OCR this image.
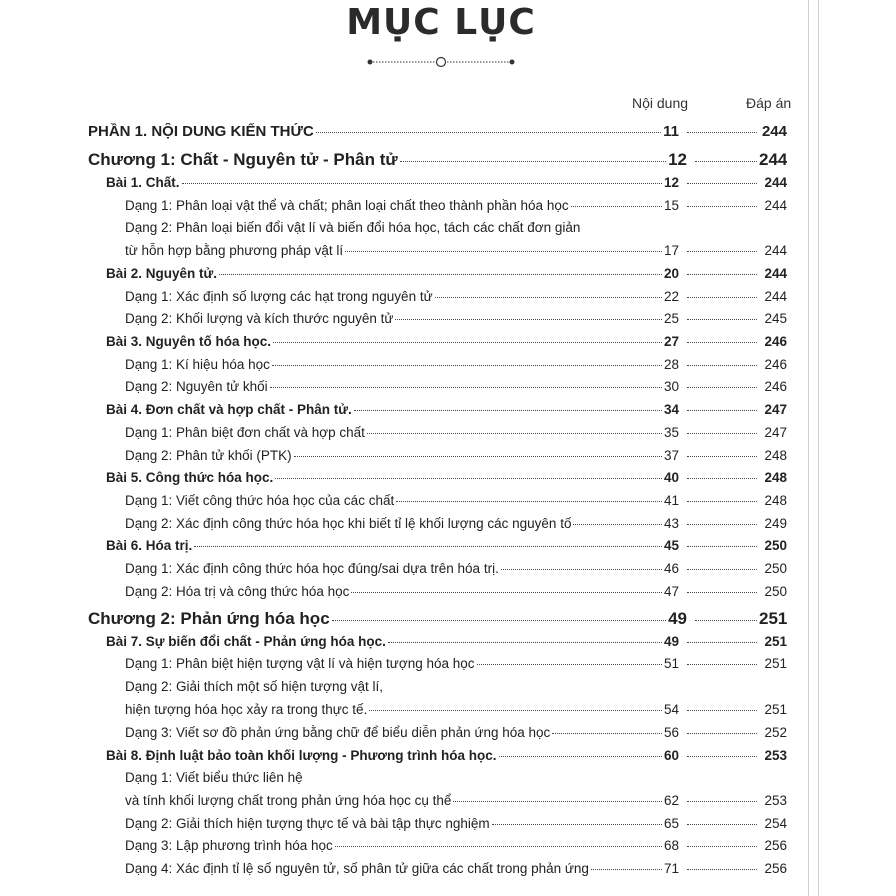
MỤC LỤC
Nội dung	Đáp án
PHẦN 1. NỘI DUNG KIẾN THỨC	11	244
Chương 1: Chất - Nguyên tử - Phân tử	12	244
Bài 1. Chất.	12	244
Dạng 1: Phân loại vật thể và chất; phân loại chất theo thành phần hóa học	15	244
Dạng 2: Phân loại biến đổi vật lí và biến đổi hóa học, tách các chất đơn giản
từ hỗn hợp bằng phương pháp vật lí	17	244
Bài 2. Nguyên tử.	20	244
Dạng 1: Xác định số lượng các hạt trong nguyên tử	22	244
Dạng 2: Khối lượng và kích thước nguyên tử	25	245
Bài 3. Nguyên tố hóa học.	27	246
Dạng 1: Kí hiệu hóa học	28	246
Dạng 2: Nguyên tử khối	30	246
Bài 4. Đơn chất và hợp chất - Phân tử.	34	247
Dạng 1: Phân biệt đơn chất và hợp chất	35	247
Dạng 2: Phân tử khối (PTK)	37	248
Bài 5. Công thức hóa học.	40	248
Dạng 1: Viết công thức hóa học của các chất	41	248
Dạng 2: Xác định công thức hóa học khi biết tỉ lệ khối lượng các nguyên tố	43	249
Bài 6. Hóa trị.	45	250
Dạng 1: Xác định công thức hóa học đúng/sai dựa trên hóa trị.	46	250
Dạng 2: Hóa trị và công thức hóa học	47	250
Chương 2: Phản ứng hóa học	49	251
Bài 7. Sự biến đổi chất - Phản ứng hóa học.	49	251
Dạng 1: Phân biệt hiện tượng vật lí và hiện tượng hóa học	51	251
Dạng 2: Giải thích một số hiện tượng vật lí,
hiện tượng hóa học xảy ra trong thực tế.	54	251
Dạng 3: Viết sơ đồ phản ứng bằng chữ để biểu diễn phản ứng hóa học	56	252
Bài 8. Định luật bảo toàn khối lượng - Phương trình hóa học.	60	253
Dạng 1: Viết biểu thức liên hệ
và tính khối lượng chất trong phản ứng hóa học cụ thể	62	253
Dạng 2: Giải thích hiện tượng thực tế và bài tập thực nghiệm	65	254
Dạng 3: Lập phương trình hóa học	68	256
Dạng 4: Xác định tỉ lệ số nguyên tử, số phân tử giữa các chất trong phản ứng	71	256
